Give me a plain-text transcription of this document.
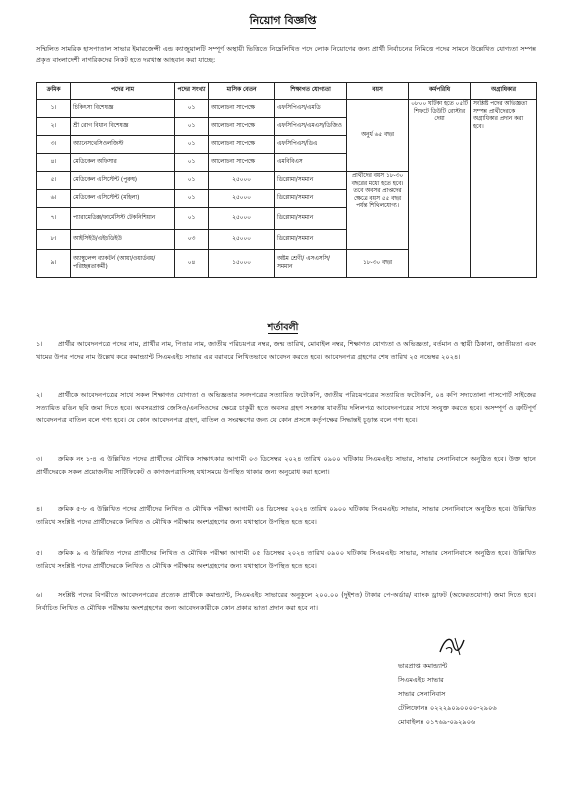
নিয়োগ বিজ্ঞপ্তি
সম্মিলিত সামরিক হাসপাতাল সাভার ইমারজেন্সী এন্ড ক্যাজুয়ালটি সম্পূর্ণ অস্থায়ী ভিত্তিতে নিম্নেলিখিত পদে লোক নিয়োগের জন্য প্রার্থী নির্বাচনের নিমিত্তে পদের সামনে উল্লেখিত যোগ্যতা সম্পন্ন প্রকৃত বাংলাদেশী নাগরিকদের নিকট হতে দরখাস্ত আহবান করা যাচ্ছে:
ক্রমিক	পদের নাম	পদের সংখ্যা	মাসিক বেতন	শিক্ষাগত যোগ্যতা	বয়স	কর্মপরিধি	অগ্রাধিকার
১।	চিকিৎসা বিশেষজ্ঞ	০১	আলোচনা সাপেক্ষে	এফসিপিএস/এমডি	অনুর্ধ ৬৫ বছর	০৮০০ ঘটিকা হতে ০৫টি শিফটে ডিউটি রোস্টার দেয়া	সংশ্লিষ্ট পদের অভিজ্ঞতা সম্পন্ন প্রার্থীদেরকে অগ্রাধিকার প্রদান করা হবে।
২।	শ্রী রোগ বিধান বিশেষজ্ঞ	০১	আলোচনা সাপেক্ষে	এফসিপিএস/এমএস/ডিজিও			
৩।	অ্যানেসথেসিওলজিস্ট	০১	আলোচনা সাপেক্ষে	এফসিপিএস/ডিএ			
৪।	মেডিকেল অফিসার	০১	আলোচনা সাপেক্ষে	এমবিবিএস			
৫।	মেডিকেল এসিস্টেন্ট (পুরুষ)	০১	২৫০০০	ডিপ্লোমা/সমমান	প্রার্থীদের বয়স ১৮-৩০ বছরের মধ্যে হতে হবে। তবে অবসর প্রাপ্তদের ক্ষেত্রে বয়স ৫৫ বছর পর্যন্ত শিথিলযোগ্য।		
৬।	মেডিকেল এসিস্টেন্ট (মহিলা)	০১	২৫০০০	ডিপ্লোমা/সমমান			
৭।	প্যারামেডিক্স/ফার্মেসিস্ট টেকনিশিয়ান	০১	২৫০০০	ডিপ্লোমা/সমমান			
৮।	আইসিইউ/এইচডিইউ	০৩	২৫০০০	ডিপ্লোমা/সমমান			
৯।	অ্যাম্বুলেন্স ব্যাকটর্ন (আয়া/ওয়ার্ডবয়/পরিচ্ছন্নতাকর্মী)	০৪	১৫০০০	অষ্টম শ্রেণী/ এসএসসি/সমমান	১৮-৩০ বছর		
শর্তাবলী
১। প্রার্থীর আবেদনপত্রে পদের নাম, প্রার্থীর নাম, পিতার নাম, জাতীয় পরিচয়পত্র নম্বর, জন্ম তারিখ, মোবাইল নম্বর, শিক্ষাগত যোগ্যতা ও অভিজ্ঞতা, বর্তমান ও স্থায়ী ঠিকানা, জাতীয়তা এবং খামের উপর পদের নাম উল্লেখ করে কমান্ড্যান্ট সিএমএইচ সাভার এর বরাবরে লিখিতভাবে আবেদন করতে হবে। আবেদনপত্র গ্রহণের শেষ তারিখ ২৫ নভেম্বর ২০২৪।
২। প্রার্থীকে আবেদনপত্রের সাথে সকল শিক্ষাগত যোগ্যতা ও অভিজ্ঞতার সনদপত্রের সত্যায়িত ফটোকপি, জাতীয় পরিচয়পত্রের সত্যায়িত ফটোকপি, ০৪ কপি সদ্যতোলা পাসপোর্ট সাইজের সত্যায়িত রঙিন ছবি জমা দিতে হবে। অবসরপ্রাপ্ত জেসিও/এনসিওদের ক্ষেত্রে চাকুরী হতে অবসর গ্রহণ সংক্রান্ত যাবতীয় দলিলপত্র আবেদনপত্রের সাথে সংযুক্ত করতে হবে। অসম্পূর্ণ ও ত্রুটিপূর্ণ আবেদনপত্র বাতিল বলে গণ্য হবে। যে কোন আবেদনপত্র গ্রহণ, বাতিল ও সংরক্ষণের জন্য যে কোন প্রসঙ্গে কর্তৃপক্ষের সিদ্ধান্তই চূড়ান্ত বলে গণ্য হবে।
৩। ক্রমিক নং ১-৪ এ উল্লিখিত পদের প্রার্থীদের মৌখিক সাক্ষাৎকার আগামী ০৩ ডিসেম্বর ২০২৪ তারিখ ০৯০০ ঘটিকায় সিএমএইচ সাভার, সাভার সেনানিবাসে অনুষ্ঠিত হবে। উক্ত স্থানে প্রার্থীদেরকে সকল প্রয়োজনীয় সার্টিফিকেট ও কাগজপত্রাদিসহ যথাসময়ে উপস্থিত থাকার জন্য অনুরোধ করা হলো।
৪। ক্রমিক ৫-৮ এ উল্লিখিত পদের প্রার্থীদের লিখিত ও মৌখিক পরীক্ষা আগামী ০৪ ডিসেম্বর ২০২৪ তারিখ ০৯০০ ঘটিকায় সিএমএইচ সাভার, সাভার সেনানিবাসে অনুষ্ঠিত হবে। উল্লিখিত তারিখে সংশ্লিষ্ট পদের প্রার্থীদেরকে লিখিত ও মৌখিক পরীক্ষায় অংশগ্রহণের জন্য যথাস্থানে উপস্থিত হতে হবে।
৫। ক্রমিক ৯ এ উল্লিখিত পদের প্রার্থীদের লিখিত ও মৌখিক পরীক্ষা আগামী ০৫ ডিসেম্বর ২০২৪ তারিখ ০৯০০ ঘটিকায় সিএমএইচ সাভার, সাভার সেনানিবাসে অনুষ্ঠিত হবে। উল্লিখিত তারিখে সংশ্লিষ্ট পদের প্রার্থীদেরকে লিখিত ও মৌখিক পরীক্ষায় অংশগ্রহণের জন্য যথাস্থানে উপস্থিত হতে হবে।
৬। সংশ্লিষ্ট পদের বিপরীতে আবেদনপত্রের প্রত্যেক প্রার্থীকে কমান্ড্যান্ট, সিএমএইচ সাভারের অনুকূলে ২০০.০০ (দুইশত) টাকার পে-অর্ডার/ ব্যাংক ড্রাফট (অফেরতযোগ্য) জমা দিতে হবে। নির্বাচিত লিখিত ও মৌখিক পরীক্ষায় অংশগ্রহণের জন্য আবেদনকারীকে কোন প্রকার ভাতা প্রদান করা হবে না।
ভারপ্রাপ্ত কমান্ড্যান্ট
সিএমএইচ সাভার
সাভার সেনানিবাস
টেলিফোনঃ ০২২২৯০৯০০০০-২৯০৬
মোবাইলঃ ০১৭৬৯-০৯২৯০৬
